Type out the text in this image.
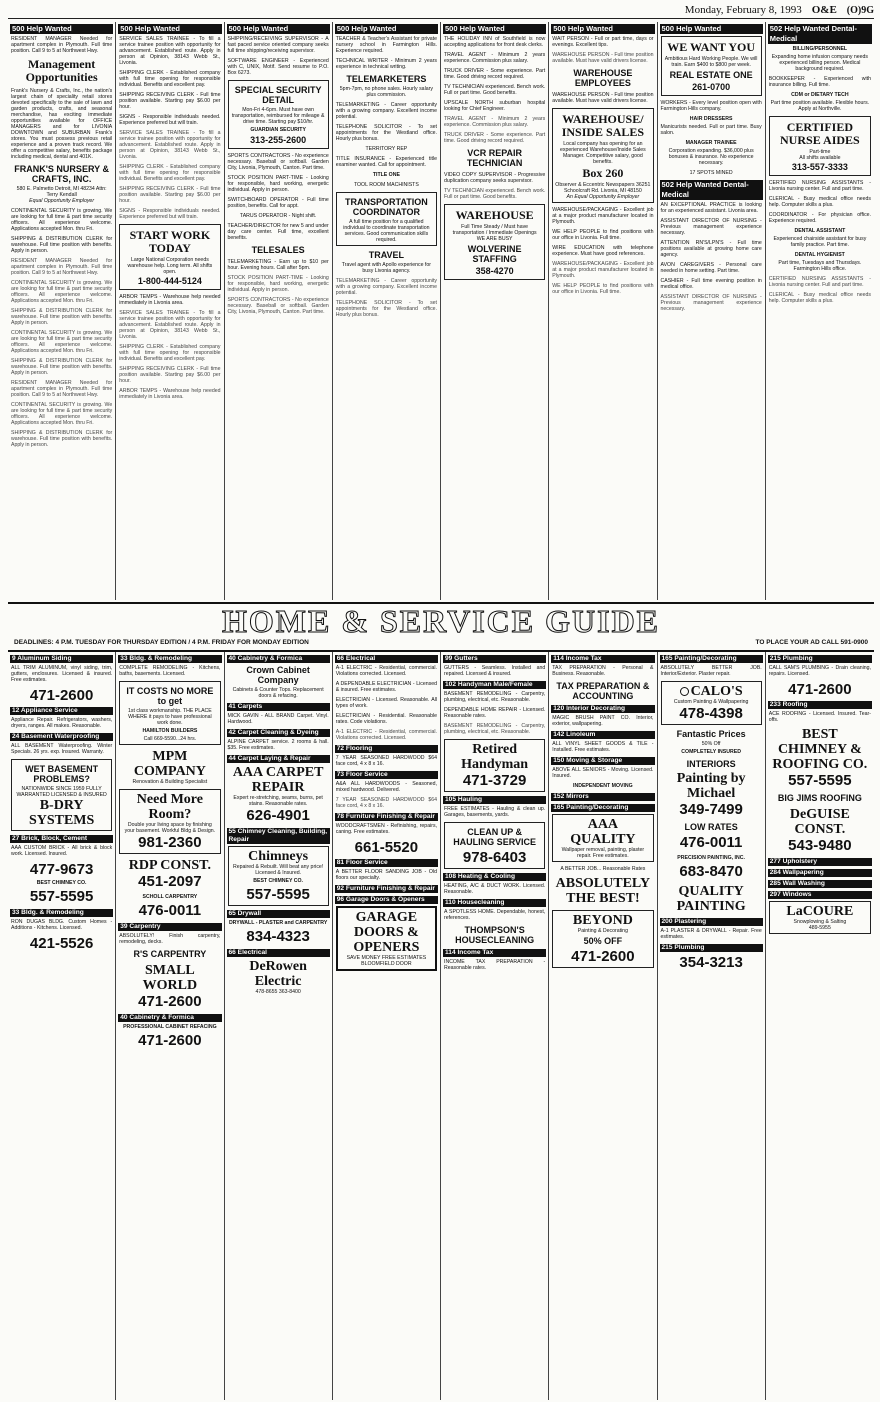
Monday, February 8, 1993 O&E (O)9G
500 Help Wanted
RESIDENT MANAGER Needed for apartment complex in Plymouth. Full time position. Call 9 to 5 at Northwest Hwy.
Management Opportunities
Frank's Nursery & Crafts, Inc., the nation's largest chain of speciality retail stores devoted specifically to the sale of lawn and garden products, crafts, and seasonal merchandise, has exciting immediate opportunities available for OFFICE MANAGERS and for LIVONIA DOWNTOWN and SUBURBAN Frank's stores. You must possess previous retail experience and a proven track record. We offer a competitive salary, benefits package including medical, dental and 401K.
FRANK'S NURSERY & CRAFTS, INC.
580 E. Palmetto Detroit, MI 48234 Attn: Terry Kendall
Equal Opportunity Employer
CONTINENTAL SECURITY is growing. We are looking for full time & part time security officers. All experience welcome. Applications accepted Mon. thru Fri.
SHIPPING & DISTRIBUTION CLERK for warehouse. Full time position with benefits. Apply in person.
RESIDENT MANAGER Needed for apartment complex in Plymouth. Full time position. Call 9 to 5 at Northwest Hwy.
CONTINENTAL SECURITY is growing. We are looking for full time & part time security officers. All experience welcome. Applications accepted Mon. thru Fri.
SHIPPING & DISTRIBUTION CLERK for warehouse. Full time position with benefits. Apply in person.
CONTINENTAL SECURITY is growing. We are looking for full time & part time security officers. All experience welcome. Applications accepted Mon. thru Fri.
SHIPPING & DISTRIBUTION CLERK for warehouse. Full time position with benefits. Apply in person.
RESIDENT MANAGER Needed for apartment complex in Plymouth. Full time position. Call 9 to 5 at Northwest Hwy.
CONTINENTAL SECURITY is growing. We are looking for full time & part time security officers. All experience welcome. Applications accepted Mon. thru Fri.
SHIPPING & DISTRIBUTION CLERK for warehouse. Full time position with benefits. Apply in person.
500 Help Wanted
SERVICE SALES TRAINEE - To fill a service trainee position with opportunity for advancement. Established route. Apply in person at Opinion, 38143 Webb St., Livonia.
SHIPPING CLERK - Established company with full time opening for responsible individual. Benefits and excellent pay.
SHIPPING RECEIVING CLERK - Full time position available. Starting pay $6.00 per hour.
SIGNS - Responsible individuals needed. Experience preferred but will train.
SERVICE SALES TRAINEE - To fill a service trainee position with opportunity for advancement. Established route. Apply in person at Opinion, 38143 Webb St., Livonia.
SHIPPING CLERK - Established company with full time opening for responsible individual. Benefits and excellent pay.
SHIPPING RECEIVING CLERK - Full time position available. Starting pay $6.00 per hour.
SIGNS - Responsible individuals needed. Experience preferred but will train.
START WORK TODAY
Large National Corporation needs warehouse help. Long term. All shifts open.
1-800-444-5124
ARBOR TEMPS - Warehouse help needed immediately in Livonia area.
SERVICE SALES TRAINEE - To fill a service trainee position with opportunity for advancement. Established route. Apply in person at Opinion, 38143 Webb St., Livonia.
SHIPPING CLERK - Established company with full time opening for responsible individual. Benefits and excellent pay.
SHIPPING RECEIVING CLERK - Full time position available. Starting pay $6.00 per hour.
ARBOR TEMPS - Warehouse help needed immediately in Livonia area.
500 Help Wanted
SHIPPING/RECEIVING SUPERVISOR - A fast paced service oriented company seeks full time shipping/receiving supervisor.
SOFTWARE ENGINEER - Experienced with C, UNIX, Motif. Send resume to P.O. Box 6273.
SPECIAL SECURITY DETAIL
Mon-Fri 4-6pm. Must have own transportation, reimbursed for mileage & drive time. Starting pay $10/hr.
GUARDIAN SECURITY
313-255-2600
SPORTS CONTRACTORS - No experience necessary. Baseball or softball. Garden City, Livonia, Plymouth, Canton. Part time.
STOCK POSITION PART-TIME - Looking for responsible, hard working, energetic individual. Apply in person.
SWITCHBOARD OPERATOR - Full time position, benefits. Call for appt.
TARUS OPERATOR - Night shift.
TEACHER/DIRECTOR for new 5 and under day care center. Full time, excellent benefits.
TELESALES
TELEMARKETING - Earn up to $10 per hour. Evening hours. Call after 5pm.
STOCK POSITION PART-TIME - Looking for responsible, hard working, energetic individual. Apply in person.
SPORTS CONTRACTORS - No experience necessary. Baseball or softball. Garden City, Livonia, Plymouth, Canton. Part time.
500 Help Wanted
TEACHER & Teacher's Assistant for private nursery school in Farmington Hills. Experience required.
TECHNICAL WRITER - Minimum 2 years experience in technical writing.
TELEMARKETERS
5pm-7pm, no phone sales. Hourly salary plus commission.
TELEMARKETING - Career opportunity with a growing company. Excellent income potential.
TELEPHONE SOLICITOR - To set appointments for the Westland office. Hourly plus bonus.
TERRITORY REP
TITLE INSURANCE - Experienced title examiner wanted. Call for appointment.
TITLE ONE
TOOL ROOM MACHINISTS
TRANSPORTATION COORDINATOR
A full time position for a qualified individual to coordinate transportation services. Good communication skills required.
TRAVEL
Travel agent with Apollo experience for busy Livonia agency.
TELEMARKETING - Career opportunity with a growing company. Excellent income potential.
TELEPHONE SOLICITOR - To set appointments for the Westland office. Hourly plus bonus.
500 Help Wanted
THE HOLIDAY INN of Southfield is now accepting applications for front desk clerks.
TRAVEL AGENT - Minimum 2 years experience. Commission plus salary.
TRUCK DRIVER - Some experience. Part time. Good driving record required.
TV TECHNICIAN experienced. Bench work. Full or part time. Good benefits.
UPSCALE NORTH suburban hospital looking for Chief Engineer.
TRAVEL AGENT - Minimum 2 years experience. Commission plus salary.
TRUCK DRIVER - Some experience. Part time. Good driving record required.
VCR REPAIR TECHNICIAN
VIDEO COPY SUPERVISOR - Progressive duplication company seeks supervisor.
TV TECHNICIAN experienced. Bench work. Full or part time. Good benefits.
WAREHOUSE
Full Time Steady / Must have transportation / Immediate Openings
WE ARE BUSY
WOLVERINE STAFFING
358-4270
500 Help Wanted
WAIT PERSON - Full or part time, days or evenings. Excellent tips.
WAREHOUSE PERSON - Full time position available. Must have valid drivers license.
WAREHOUSE EMPLOYEES
WAREHOUSE PERSON - Full time position available. Must have valid drivers license.
WAREHOUSE/ INSIDE SALES
Local company has opening for an experienced Warehouse/Inside Sales Manager. Competitive salary, good benefits.
Box 260
Observer & Eccentric Newspapers 36251 Schoolcraft Rd. Livonia, MI 48150
An Equal Opportunity Employer
WAREHOUSE/PACKAGING - Excellent job at a major product manufacturer located in Plymouth.
WE HELP PEOPLE to find positions with our office in Livonia. Full time.
WIRE EDUCATION with telephone experience. Must have good references.
WAREHOUSE/PACKAGING - Excellent job at a major product manufacturer located in Plymouth.
WE HELP PEOPLE to find positions with our office in Livonia. Full time.
500 Help Wanted
WE WANT YOU
Ambitious Hard Working People. We will train. Earn $400 to $800 per week.
REAL ESTATE ONE
261-0700
WORKERS - Every level position open with Farmington Hills company.
HAIR DRESSERS
Manicurists needed. Full or part time. Busy salon.
MANAGER TRAINEE
Corporation expanding. $36,000 plus bonuses & insurance. No experience necessary.
17 SPOTS MINED
502 Help Wanted Dental-Medical
AN EXCEPTIONAL PRACTICE is looking for an experienced assistant. Livonia area.
ASSISTANT DIRECTOR OF NURSING - Previous management experience necessary.
ATTENTION RN'S/LPN'S - Full time positions available at growing home care agency.
AVON CAREGIVERS - Personal care needed in home setting. Part time.
CASHIER - Full time evening position in medical office.
ASSISTANT DIRECTOR OF NURSING - Previous management experience necessary.
502 Help Wanted Dental-Medical
BILLING/PERSONNEL
Expanding home infusion company needs experienced billing person. Medical background required.
BOOKKEEPER - Experienced with insurance billing. Full time.
CDM or DIETARY TECH
Part time position available. Flexible hours. Apply at Northville.
CERTIFIED NURSE AIDES
Part-time
All shifts available
313-557-3333
CERTIFIED NURSING ASSISTANTS - Livonia nursing center. Full and part time.
CLERICAL - Busy medical office needs help. Computer skills a plus.
COORDINATOR - For physician office. Experience required.
DENTAL ASSISTANT
Experienced chairside assistant for busy family practice. Part time.
DENTAL HYGIENIST
Part time, Tuesdays and Thursdays. Farmington Hills office.
CERTIFIED NURSING ASSISTANTS - Livonia nursing center. Full and part time.
CLERICAL - Busy medical office needs help. Computer skills a plus.
HOME & SERVICE GUIDE
DEADLINES: 4 P.M. TUESDAY FOR THURSDAY EDITION / 4 P.M. FRIDAY FOR MONDAY EDITION	TO PLACE YOUR AD CALL 591-0900
9 Aluminum Siding
ALL TRIM ALUMINUM, vinyl siding, trim, gutters, enclosures. Licensed & insured. Free estimates.
471-2600
12 Appliance Service
Appliance Repair. Refrigerators, washers, dryers, ranges. All makes. Reasonable.
24 Basement Waterproofing
ALL BASEMENT Waterproofing. Winter Specials. 26 yrs. exp. Insured. Warranty.
WET BASEMENT PROBLEMS?
NATIONWIDE SINCE 1959 FULLY WARRANTED LICENSED & INSURED
B-DRY SYSTEMS
27 Brick, Block, Cement
AAA CUSTOM BRICK - All brick & block work. Licensed. Insured.
477-9673
BEST CHIMNEY CO.
557-5595
33 Bldg. & Remodeling
RON DUGAS BLDG. Custom Homes - Additions - Kitchens. Licensed.
421-5526
33 Bldg. & Remodeling
COMPLETE REMODELING - Kitchens, baths, basements. Licensed.
IT COSTS NO MORE to get
1st class workmanship. THE PLACE WHERE it pays to have professional work done.
HAMILTON BUILDERS
Call 669-5590...24 hrs.
MPM COMPANY
Renovation & Building Specialist
Need More Room?
Double your living space by finishing your basement. Workful Bldg & Design.
981-2360
RDP CONST.
451-2097
SCHOLL CARPENTRY
476-0011
39 Carpentry
ABSOLUTELY! Finish carpentry, remodeling, decks.
R'S CARPENTRY
SMALL WORLD
471-2600
40 Cabinetry & Formica
PROFESSIONAL CABINET REFACING
471-2600
40 Cabinetry & Formica
Crown Cabinet Company
Cabinets & Counter Tops. Replacement doors & refacing.
41 Carpets
MICK GAVIN - ALL BRAND Carpet. Vinyl. Hardwood.
42 Carpet Cleaning & Dyeing
ALPINE CARPET service. 2 rooms & hall. $35. Free estimates.
44 Carpet Laying & Repair
AAA CARPET REPAIR
Expert re-stretching, seams, burns, pet stains. Reasonable rates.
626-4901
55 Chimney Cleaning, Building, Repair
Chimneys
Repaired & Rebuilt. Will beat any price! Licensed & Insured.
BEST CHIMNEY CO.
557-5595
65 Drywall
DRYWALL - PLASTER and CARPENTRY
834-4323
66 Electrical
DeRowen Electric
478-8655 363-8400
66 Electrical
A-1 ELECTRIC - Residential, commercial. Violations corrected. Licensed.
A DEPENDABLE ELECTRICIAN - Licensed & insured. Free estimates.
ELECTRICIAN - Licensed. Reasonable. All types of work.
ELECTRICIAN - Residential. Reasonable rates. Code violations.
A-1 ELECTRIC - Residential, commercial. Violations corrected. Licensed.
72 Flooring
7 YEAR SEASONED HARDWOOD $64 face cord, 4 x 8 x 16.
73 Floor Service
A&A ALL HARDWOODS - Seasoned, mixed hardwood. Delivered.
7 YEAR SEASONED HARDWOOD $64 face cord, 4 x 8 x 16.
78 Furniture Finishing & Repair
WOODCRAFTSMEN - Refinishing, repairs, caning. Free estimates.
661-5520
81 Floor Service
A BETTER FLOOR SANDING JOB - Old floors our specialty.
92 Furniture Finishing & Repair
96 Garage Doors & Openers
GARAGE DOORS & OPENERS
SAVE MONEY FREE ESTIMATES BLOOMFIELD DOOR
99 Gutters
GUTTERS - Seamless. Installed and repaired. Licensed & insured.
102 Handyman Male/Female
BASEMENT REMODELING - Carpentry, plumbing, electrical, etc. Reasonable.
DEPENDABLE HOME REPAIR - Licensed. Reasonable rates.
BASEMENT REMODELING - Carpentry, plumbing, electrical, etc. Reasonable.
Retired Handyman
471-3729
105 Hauling
FREE ESTIMATES - Hauling & clean up. Garages, basements, yards.
CLEAN UP & HAULING SERVICE
978-6403
108 Heating & Cooling
HEATING, A/C & DUCT WORK. Licensed. Reasonable.
110 Housecleaning
A SPOTLESS HOME. Dependable, honest, references.
THOMPSON'S HOUSECLEANING
114 Income Tax
INCOME TAX PREPARATION - Reasonable rates.
114 Income Tax
TAX PREPARATION - Personal & Business. Reasonable.
TAX PREPARATION & ACCOUNTING
120 Interior Decorating
MAGIC BRUSH PAINT CO. Interior, exterior, wallpapering.
142 Linoleum
ALL VINYL SHEET GOODS & TILE - Installed. Free estimates.
150 Moving & Storage
ABOVE ALL SENIORS - Moving. Licensed. Insured.
INDEPENDENT MOVING
152 Mirrors
165 Painting/Decorating
AAA QUALITY
Wallpaper removal, painting, plaster repair. Free estimates.
A BETTER JOB... Reasonable Rates
ABSOLUTELY THE BEST!
BEYOND
Painting & Decorating
50% OFF
471-2600
165 Painting/Decorating
ABSOLUTELY BETTER JOB. Interior/Exterior. Plaster repair.
CALO'S
Custom Painting & Wallpapering
478-4398
Fantastic Prices
50% Off
COMPLETELY INSURED
INTERIORS
Painting by Michael
349-7499
LOW RATES
476-0011
PRECISION PAINTING, INC.
683-8470
QUALITY PAINTING
200 Plastering
A-1 PLASTER & DRYWALL - Repair. Free estimates.
215 Plumbing
354-3213
215 Plumbing
CALL SAM'S PLUMBING - Drain cleaning, repairs. Licensed.
471-2600
233 Roofing
ACE ROOFING - Licensed. Insured. Tear-offs.
BEST CHIMNEY & ROOFING CO.
557-5595
BIG JIMS ROOFING
DeGUISE CONST.
543-9480
277 Upholstery
284 Wallpapering
285 Wall Washing
297 Windows
LaCOURE
Snowplowing & Salting
489-5955
